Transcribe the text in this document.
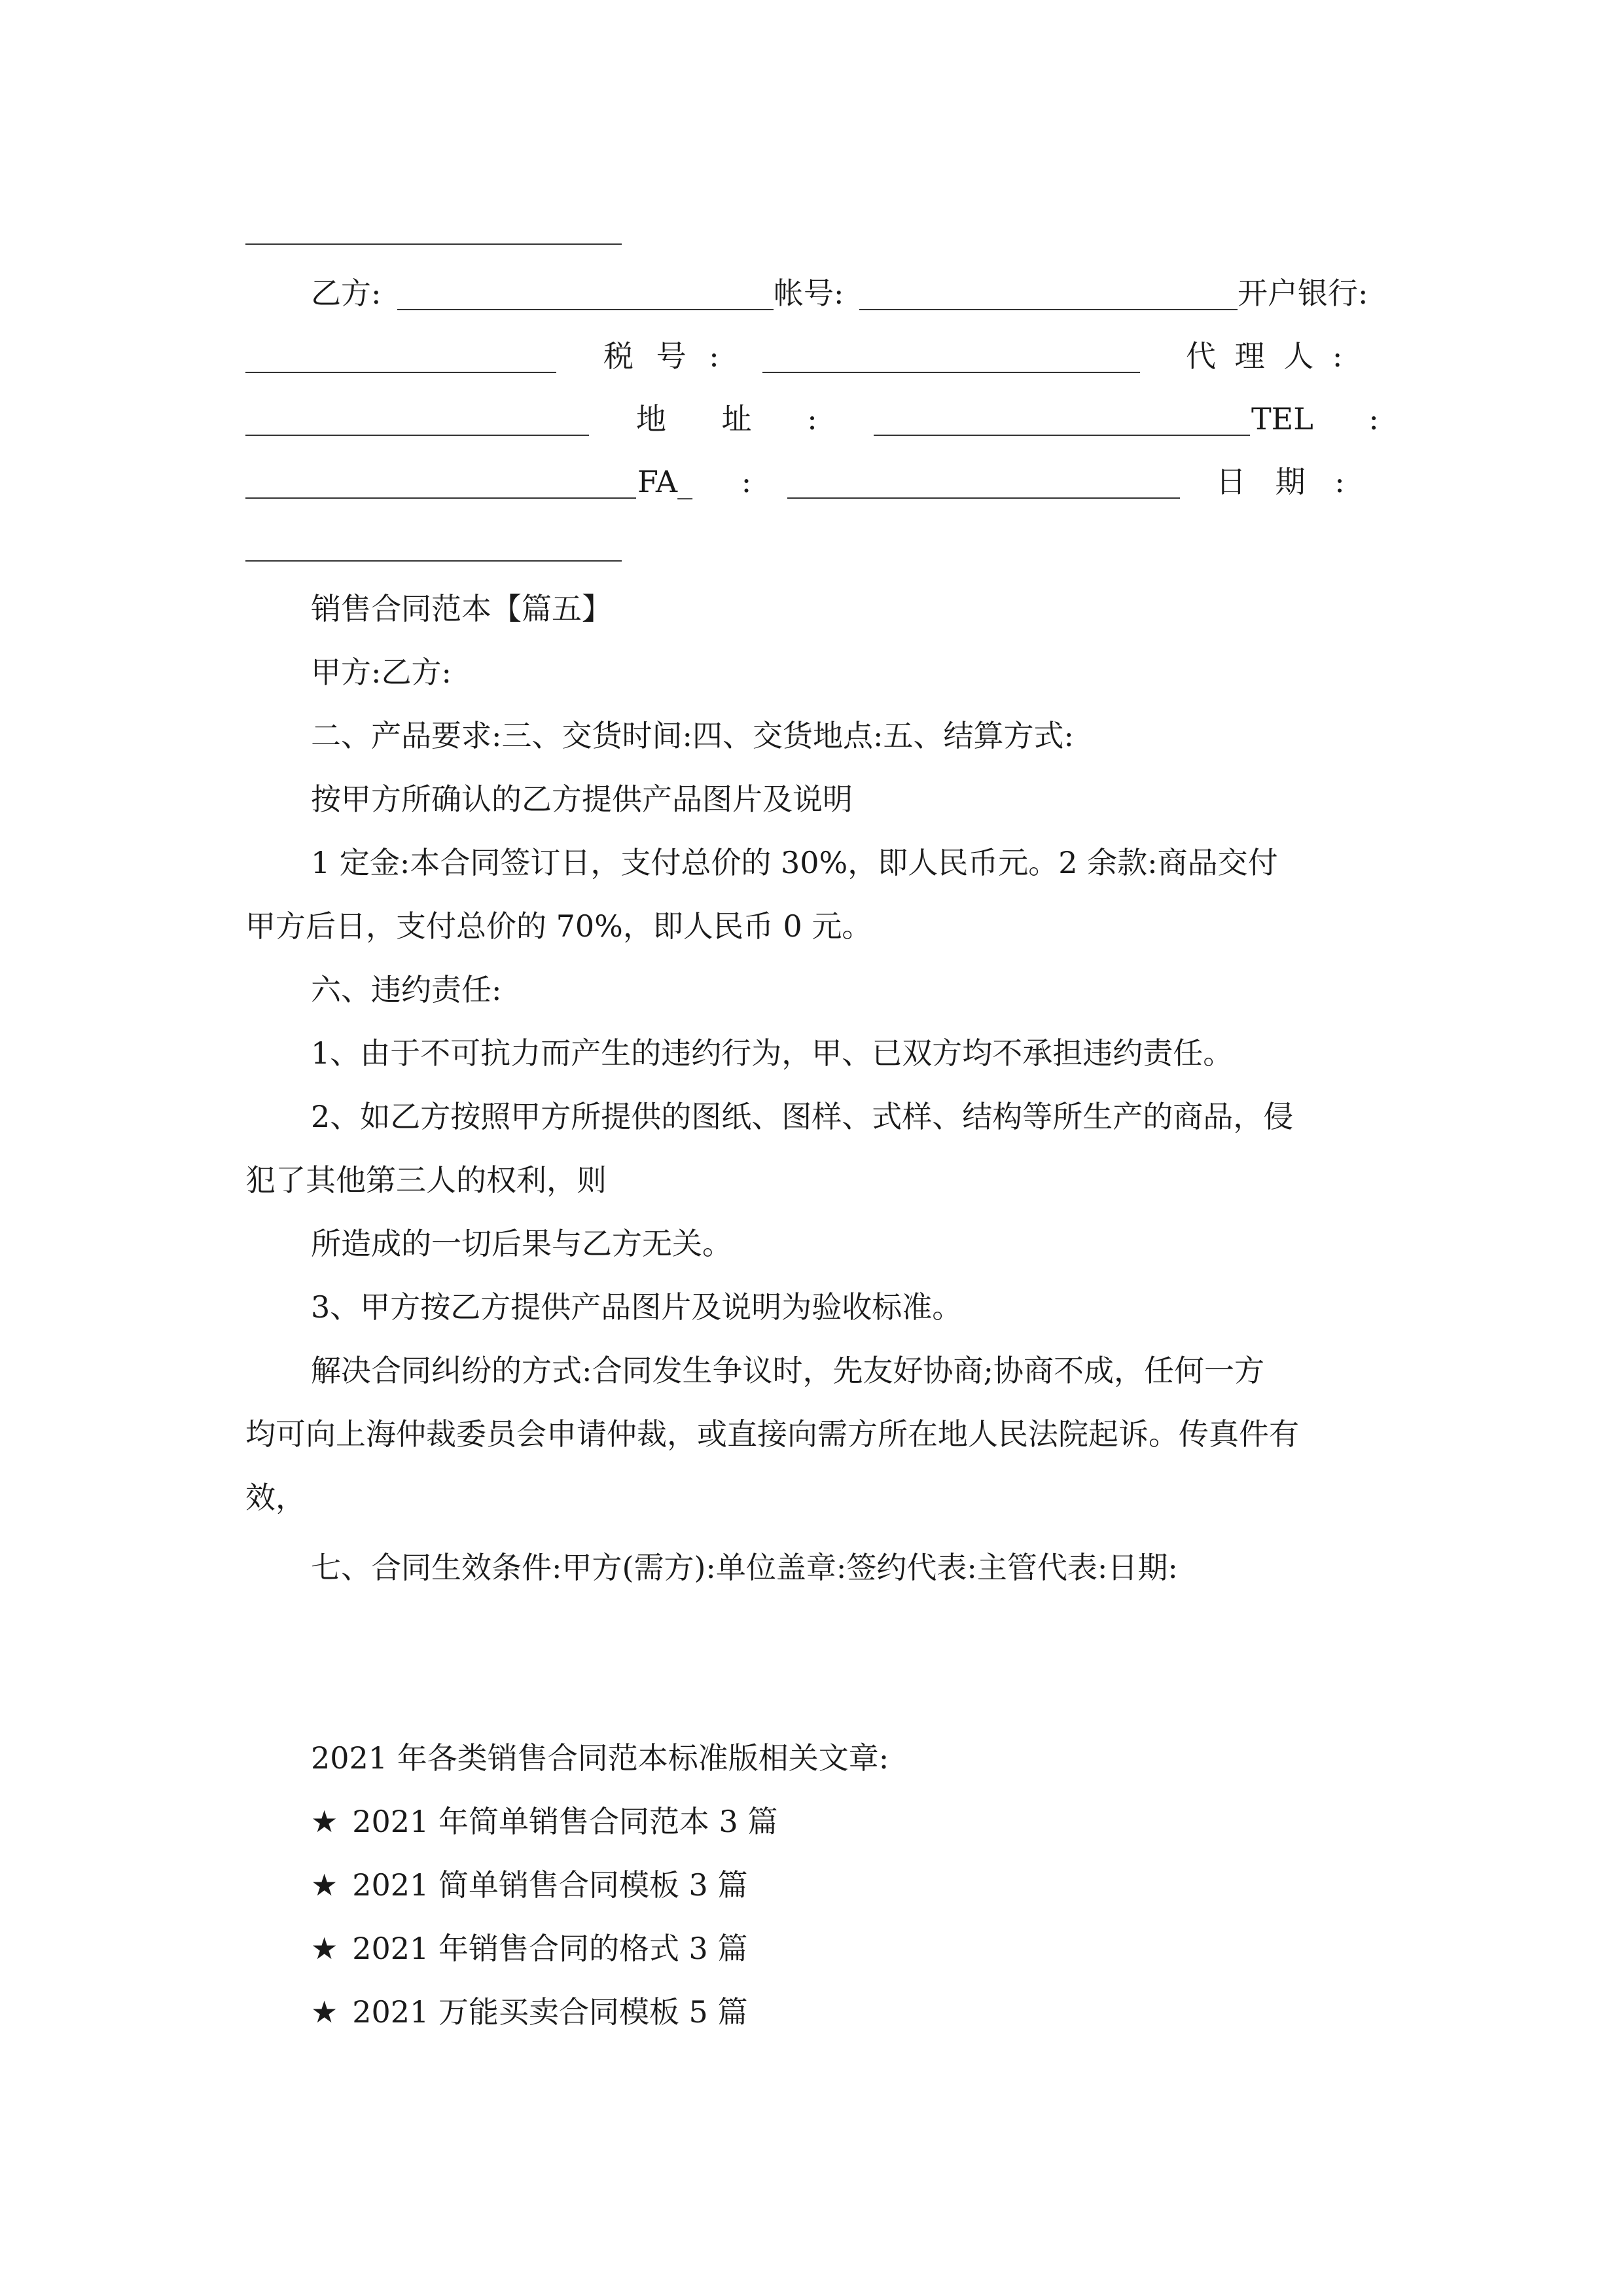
乙方:	帐号:	开户银行:
税 号 :	代 理 人 :
地 址 :	TEL :
FA_ :	日 期 :
销售合同范本【篇五】
甲方:乙方:
二、产品要求:三、交货时间:四、交货地点:五、结算方式:
按甲方所确认的乙方提供产品图片及说明
1 定金:本合同签订日，支付总价的 30%，即人民币元。2 余款:商品交付
甲方后日，支付总价的 70%，即人民币 0 元。
六、违约责任:
1、由于不可抗力而产生的违约行为，甲、已双方均不承担违约责任。
2、如乙方按照甲方所提供的图纸、图样、式样、结构等所生产的商品，侵
犯了其他第三人的权利，则
所造成的一切后果与乙方无关。
3、甲方按乙方提供产品图片及说明为验收标准。
解决合同纠纷的方式:合同发生争议时，先友好协商;协商不成，任何一方
均可向上海仲裁委员会申请仲裁，或直接向需方所在地人民法院起诉。传真件有
效，
七、合同生效条件:甲方(需方):单位盖章:签约代表:主管代表:日期:
2021 年各类销售合同范本标准版相关文章:
★ 2021 年简单销售合同范本 3 篇
★ 2021 简单销售合同模板 3 篇
★ 2021 年销售合同的格式 3 篇
★ 2021 万能买卖合同模板 5 篇
